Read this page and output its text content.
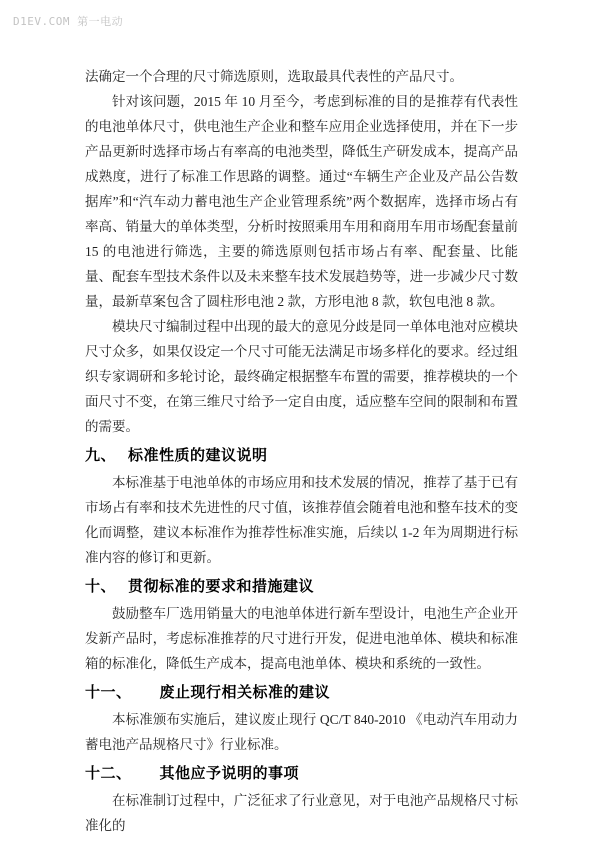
D1EV.COM 第一电动

法确定一个合理的尺寸筛选原则，选取最具代表性的产品尺寸。

针对该问题，2015 年 10 月至今，考虑到标准的目的是推荐有代表性的电池单体尺寸，供电池生产企业和整车应用企业选择使用，并在下一步产品更新时选择市场占有率高的电池类型，降低生产研发成本，提高产品成熟度，进行了标准工作思路的调整。通过“车辆生产企业及产品公告数据库”和“汽车动力蓄电池生产企业管理系统”两个数据库，选择市场占有率高、销量大的单体类型，分析时按照乘用车用和商用车用市场配套量前 15 的电池进行筛选，主要的筛选原则包括市场占有率、配套量、比能量、配套车型技术条件以及未来整车技术发展趋势等，进一步减少尺寸数量，最新草案包含了圆柱形电池 2 款，方形电池 8 款，软包电池 8 款。

模块尺寸编制过程中出现的最大的意见分歧是同一单体电池对应模块尺寸众多，如果仅设定一个尺寸可能无法满足市场多样化的要求。经过组织专家调研和多轮讨论，最终确定根据整车布置的需要，推荐模块的一个面尺寸不变，在第三维尺寸给予一定自由度，适应整车空间的限制和布置的需要。

九、 标准性质的建议说明

本标准基于电池单体的市场应用和技术发展的情况，推荐了基于已有市场占有率和技术先进性的尺寸值，该推荐值会随着电池和整车技术的变化而调整，建议本标准作为推荐性标准实施，后续以 1-2 年为周期进行标准内容的修订和更新。

十、 贯彻标准的要求和措施建议

鼓励整车厂选用销量大的电池单体进行新车型设计，电池生产企业开发新产品时，考虑标准推荐的尺寸进行开发，促进电池单体、模块和标准箱的标准化，降低生产成本，提高电池单体、模块和系统的一致性。

十一、 废止现行相关标准的建议

本标准颁布实施后，建议废止现行 QC/T 840-2010 《电动汽车用动力蓄电池产品规格尺寸》行业标准。

十二、 其他应予说明的事项

在标准制订过程中，广泛征求了行业意见，对于电池产品规格尺寸标准化的
